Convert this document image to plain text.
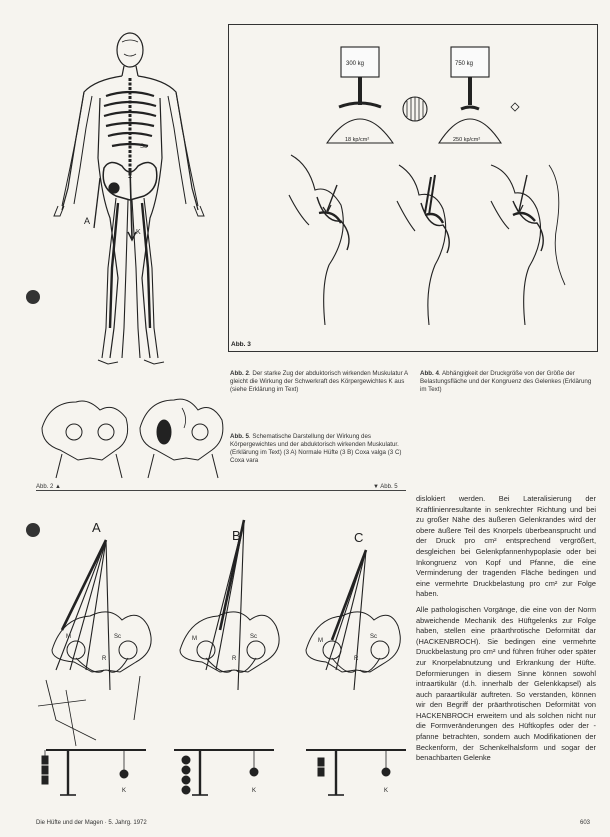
A
K
Sc
300 kg	750 kg
18 kp/cm²	250 kp/cm²
Abb. 3
Abb. 2. Der starke Zug der abduktorisch wirkenden Muskulatur A gleicht die Wirkung der Schwerkraft des Körpergewichtes K aus (siehe Erklärung im Text)
Abb. 4. Abhängigkeit der Druckgröße von der Größe der Belastungsfläche und der Kongruenz des Gelenkes (Erklärung im Text)
Abb. 5. Schematische Darstellung der Wirkung des Körpergewichtes und der abduktorisch wirkenden Muskulatur. (Erklärung im Text) (3 A) Normale Hüfte (3 B) Coxa valga (3 C) Coxa vara
Abb. 2 ▲	▼ Abb. 5
A
B	C
Sc	Sc	Sc
M	M	M
R	R	R
K	K	K

dislokiert werden. Bei Lateralisierung der Kraftlinienresultante in senkrechter Richtung und bei zu großer Nähe des äußeren Gelenkrandes wird der obere äußere Teil des Knorpels überbeansprucht und der Druck pro cm² entsprechend vergrößert, desgleichen bei Gelenkpfannenhypoplasie oder bei Inkongruenz von Kopf und Pfanne, die eine Verminderung der tragenden Fläche bedingen und eine vermehrte Druckbelastung pro cm² zur Folge haben.

Alle pathologischen Vorgänge, die eine von der Norm abweichende Mechanik des Hüftgelenks zur Folge haben, stellen eine präarthrotische Deformität dar (HACKENBROCH). Sie bedingen eine vermehrte Druckbelastung pro cm² und führen früher oder später zur Knorpelabnutzung und Erkrankung der Hüfte. Deformierungen in diesem Sinne können sowohl intraartikulär (d.h. innerhalb der Gelenkkapsel) als auch paraartikulär auftreten. So verstanden, können wir den Begriff der präarthrotischen Deformität von HACKENBROCH erweitern und als solchen nicht nur die Formveränderungen des Hüftkopfes oder der -pfanne betrachten, sondern auch Modifikationen der Beckenform, der Schenkelhalsform und sogar der benachbarten Gelenke

Die Hüfte und der Magen · 5. Jahrg. 1972	603
